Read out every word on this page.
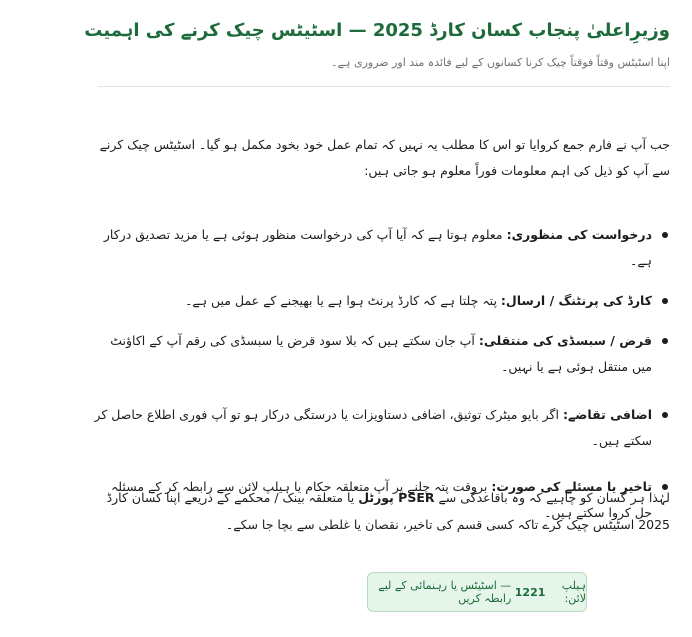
وزیرِاعلیٰ پنجاب کسان کارڈ 2025 — اسٹیٹس چیک کرنے کی اہمیت

اپنا اسٹیٹس وقتاً فوقتاً چیک کرنا کسانوں کے لیے فائدہ مند اور ضروری ہے۔

جب آپ نے فارم جمع کروایا تو اس کا مطلب یہ نہیں کہ تمام عمل خود بخود مکمل ہو گیا۔ اسٹیٹس چیک کرنے سے آپ کو ذیل کی اہم معلومات فوراً معلوم ہو جاتی ہیں:

درخواست کی منظوری: معلوم ہوتا ہے کہ آیا آپ کی درخواست منظور ہوئی ہے یا مزید تصدیق درکار ہے۔
کارڈ کی پرنٹنگ / ارسال: پتہ چلتا ہے کہ کارڈ پرنٹ ہوا ہے یا بھیجنے کے عمل میں ہے۔
قرض / سبسڈی کی منتقلی: آپ جان سکتے ہیں کہ بلا سود قرض یا سبسڈی کی رقم آپ کے اکاؤنٹ میں منتقل ہوئی ہے یا نہیں۔
اضافی تقاضے: اگر بایو میٹرک توثیق، اضافی دستاویزات یا درستگی درکار ہو تو آپ فوری اطلاع حاصل کر سکتے ہیں۔
تاخیر یا مسئلے کی صورت: بروقت پتہ چلنے پر آپ متعلقہ حکام یا ہیلپ لائن سے رابطہ کر کے مسئلہ حل کروا سکتے ہیں۔

لہٰذا ہر کسان کو چاہیے کہ وہ باقاعدگی سے PSER پورٹل یا متعلقہ بینک / محکمے کے ذریعے اپنا کسان کارڈ 2025 اسٹیٹس چیک کرے تاکہ کسی قسم کی تاخیر، نقصان یا غلطی سے بچا جا سکے۔

ہیلپ لائن:

1221

— اسٹیٹس یا رہنمائی کے لیے رابطہ کریں
